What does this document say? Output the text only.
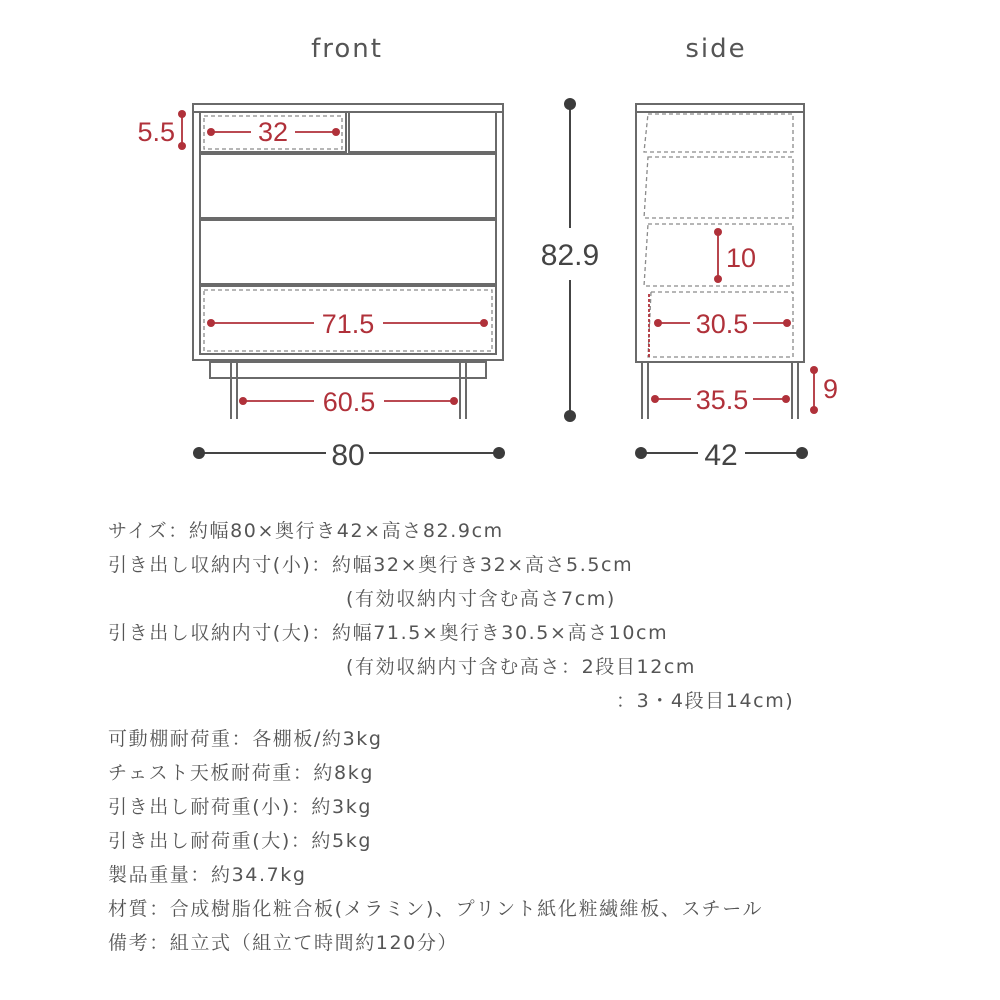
front	side
5.5	32
71.5
60.5
80
82.9	10
30.5
35.5	9
42
サイズ：約幅80×奥行き42×高さ82.9cm
引き出し収納内寸(小)：約幅32×奥行き32×高さ5.5cm
(有効収納内寸含む高さ7cm)
引き出し収納内寸(大)：約幅71.5×奥行き30.5×高さ10cm
(有効収納内寸含む高さ：2段目12cm
：3・4段目14cm)
可動棚耐荷重：各棚板/約3kg
チェスト天板耐荷重：約8kg
引き出し耐荷重(小)：約3kg
引き出し耐荷重(大)：約5kg
製品重量：約34.7kg
材質：合成樹脂化粧合板(メラミン)、プリント紙化粧繊維板、スチール
備考：組立式（組立て時間約120分）
